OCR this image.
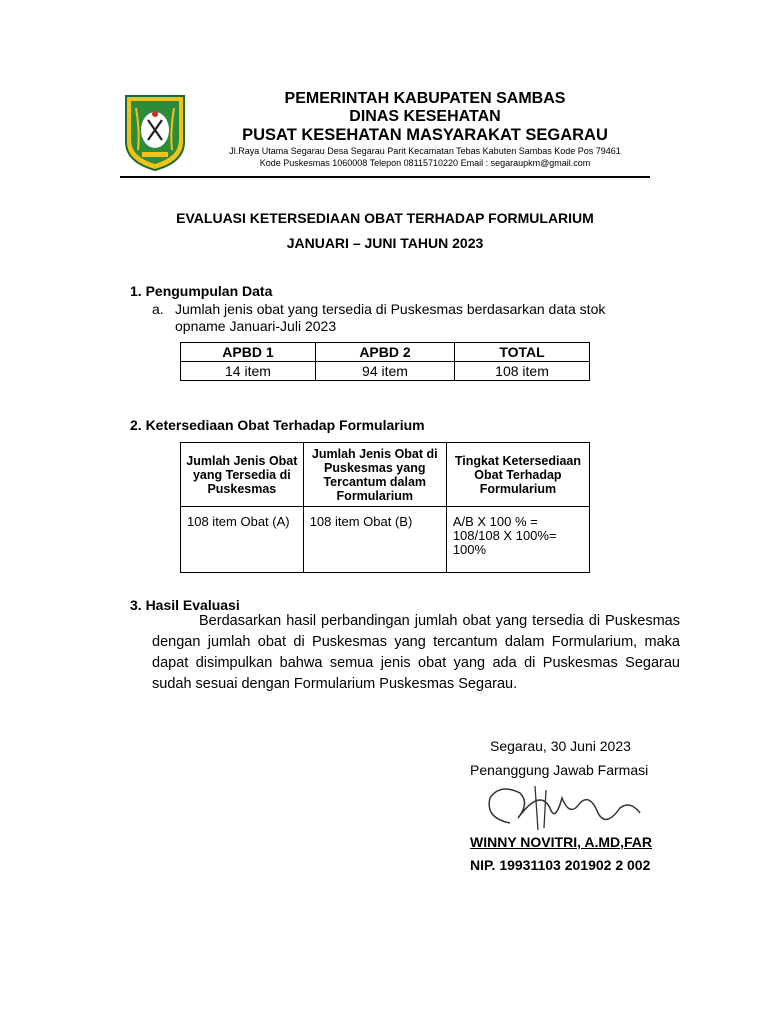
PEMERINTAH KABUPATEN SAMBAS
DINAS KESEHATAN
PUSAT KESEHATAN MASYARAKAT SEGARAU
Jl.Raya Utama Segarau Desa Segarau Parit Kecamatan Tebas Kabuten Sambas Kode Pos 79461
Kode Puskesmas 1060008 Telepon 08115710220 Email : segaraupkm@gmail.com
EVALUASI KETERSEDIAAN OBAT TERHADAP FORMULARIUM
JANUARI – JUNI TAHUN 2023
1. Pengumpulan Data
a. Jumlah jenis obat yang tersedia di Puskesmas berdasarkan data stok
opname Januari-Juli 2023
APBD 1	APBD 2	TOTAL
14 item	94 item	108 item
2. Ketersediaan Obat Terhadap Formularium
Jumlah Jenis Obat yang Tersedia di Puskesmas	Jumlah Jenis Obat di Puskesmas yang Tercantum dalam Formularium	Tingkat Ketersediaan Obat Terhadap Formularium
108 item Obat (A)	108 item Obat (B)	A/B X 100 % = 108/108 X 100%= 100%
3. Hasil Evaluasi
Berdasarkan hasil perbandingan jumlah obat yang tersedia di Puskesmas dengan jumlah obat di Puskesmas yang tercantum dalam Formularium, maka dapat disimpulkan bahwa semua jenis obat yang ada di Puskesmas Segarau sudah sesuai dengan Formularium Puskesmas Segarau.
Segarau, 30 Juni 2023
Penanggung Jawab Farmasi
WINNY NOVITRI, A.MD,FAR
NIP. 19931103 201902 2 002
